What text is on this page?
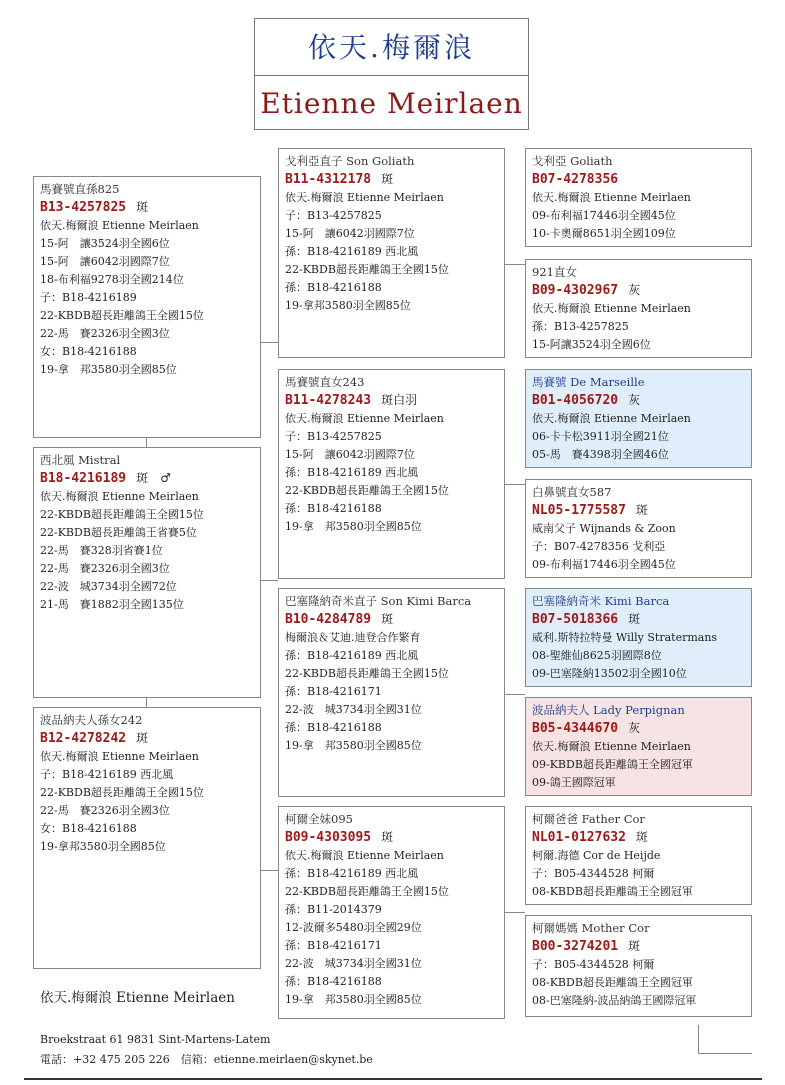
依天.梅爾浪
Etienne Meirlaen
馬賽號直孫825
B13-4257825 斑
依天.梅爾浪 Etienne Meirlaen
15-阿　讓3524羽全國6位
15-阿　讓6042羽國際7位
18-布利福9278羽全國214位
子：B18-4216189
22-KBDB超長距離鴿王全國15位
22-馬　賽2326羽全國3位
女：B18-4216188
19-拿　邦3580羽全國85位
西北風 Mistral
B18-4216189 斑　♂
依天.梅爾浪 Etienne Meirlaen
22-KBDB超長距離鴿王全國15位
22-KBDB超長距離鴿王省賽5位
22-馬　賽328羽省賽1位
22-馬　賽2326羽全國3位
22-波　城3734羽全國72位
21-馬　賽1882羽全國135位
波品納夫人孫女242
B12-4278242 斑
依天.梅爾浪 Etienne Meirlaen
子：B18-4216189 西北風
22-KBDB超長距離鴿王全國15位
22-馬　賽2326羽全國3位
女：B18-4216188
19-拿邦3580羽全國85位
戈利亞直子 Son Goliath
B11-4312178 斑
依天.梅爾浪 Etienne Meirlaen
子：B13-4257825
15-阿　讓6042羽國際7位
孫：B18-4216189 西北風
22-KBDB超長距離鴿王全國15位
孫：B18-4216188
19-拿邦3580羽全國85位
馬賽號直女243
B11-4278243 斑白羽
依天.梅爾浪 Etienne Meirlaen
子：B13-4257825
15-阿　讓6042羽國際7位
孫：B18-4216189 西北風
22-KBDB超長距離鴿王全國15位
孫：B18-4216188
19-拿　邦3580羽全國85位
巴塞隆納奇米直子 Son Kimi Barca
B10-4284789 斑
梅爾浪＆艾迪.迪登合作繁育
孫：B18-4216189 西北風
22-KBDB超長距離鴿王全國15位
孫：B18-4216171
22-波　城3734羽全國31位
孫：B18-4216188
19-拿　邦3580羽全國85位
柯爾全妹095
B09-4303095 斑
依天.梅爾浪 Etienne Meirlaen
孫：B18-4216189 西北風
22-KBDB超長距離鴿王全國15位
孫：B11-2014379
12-波爾多5480羽全國29位
孫：B18-4216171
22-波　城3734羽全國31位
孫：B18-4216188
19-拿　邦3580羽全國85位
戈利亞 Goliath
B07-4278356
依天.梅爾浪 Etienne Meirlaen
09-布利福17446羽全國45位
10-卡奧爾8651羽全國109位
921直女
B09-4302967 灰
依天.梅爾浪 Etienne Meirlaen
孫：B13-4257825
15-阿讓3524羽全國6位
馬賽號 De Marseille
B01-4056720 灰
依天.梅爾浪 Etienne Meirlaen
06-卡卡松3911羽全國21位
05-馬　賽4398羽全國46位
白鼻號直女587
NL05-1775587 斑
威南父子 Wijnands & Zoon
子：B07-4278356 戈利亞
09-布利福17446羽全國45位
巴塞隆納奇米 Kimi Barca
B07-5018366 斑
威利.斯特拉特曼 Willy Stratermans
08-聖維仙8625羽國際8位
09-巴塞隆納13502羽全國10位
波品納夫人 Lady Perpignan
B05-4344670 灰
依天.梅爾浪 Etienne Meirlaen
09-KBDB超長距離鴿王全國冠軍
09-鴿王國際冠軍
柯爾爸爸 Father Cor
NL01-0127632 斑
柯爾.海德 Cor de Heijde
子：B05-4344528 柯爾
08-KBDB超長距離鴿王全國冠軍
柯爾媽媽 Mother Cor
B00-3274201 斑
子：B05-4344528 柯爾
08-KBDB超長距離鴿王全國冠軍
08-巴塞隆納-波品納鴿王國際冠軍
依天.梅爾浪 Etienne Meirlaen
Broekstraat 61 9831 Sint-Martens-Latem
電話：+32 475 205 226　信箱：etienne.meirlaen@skynet.be
